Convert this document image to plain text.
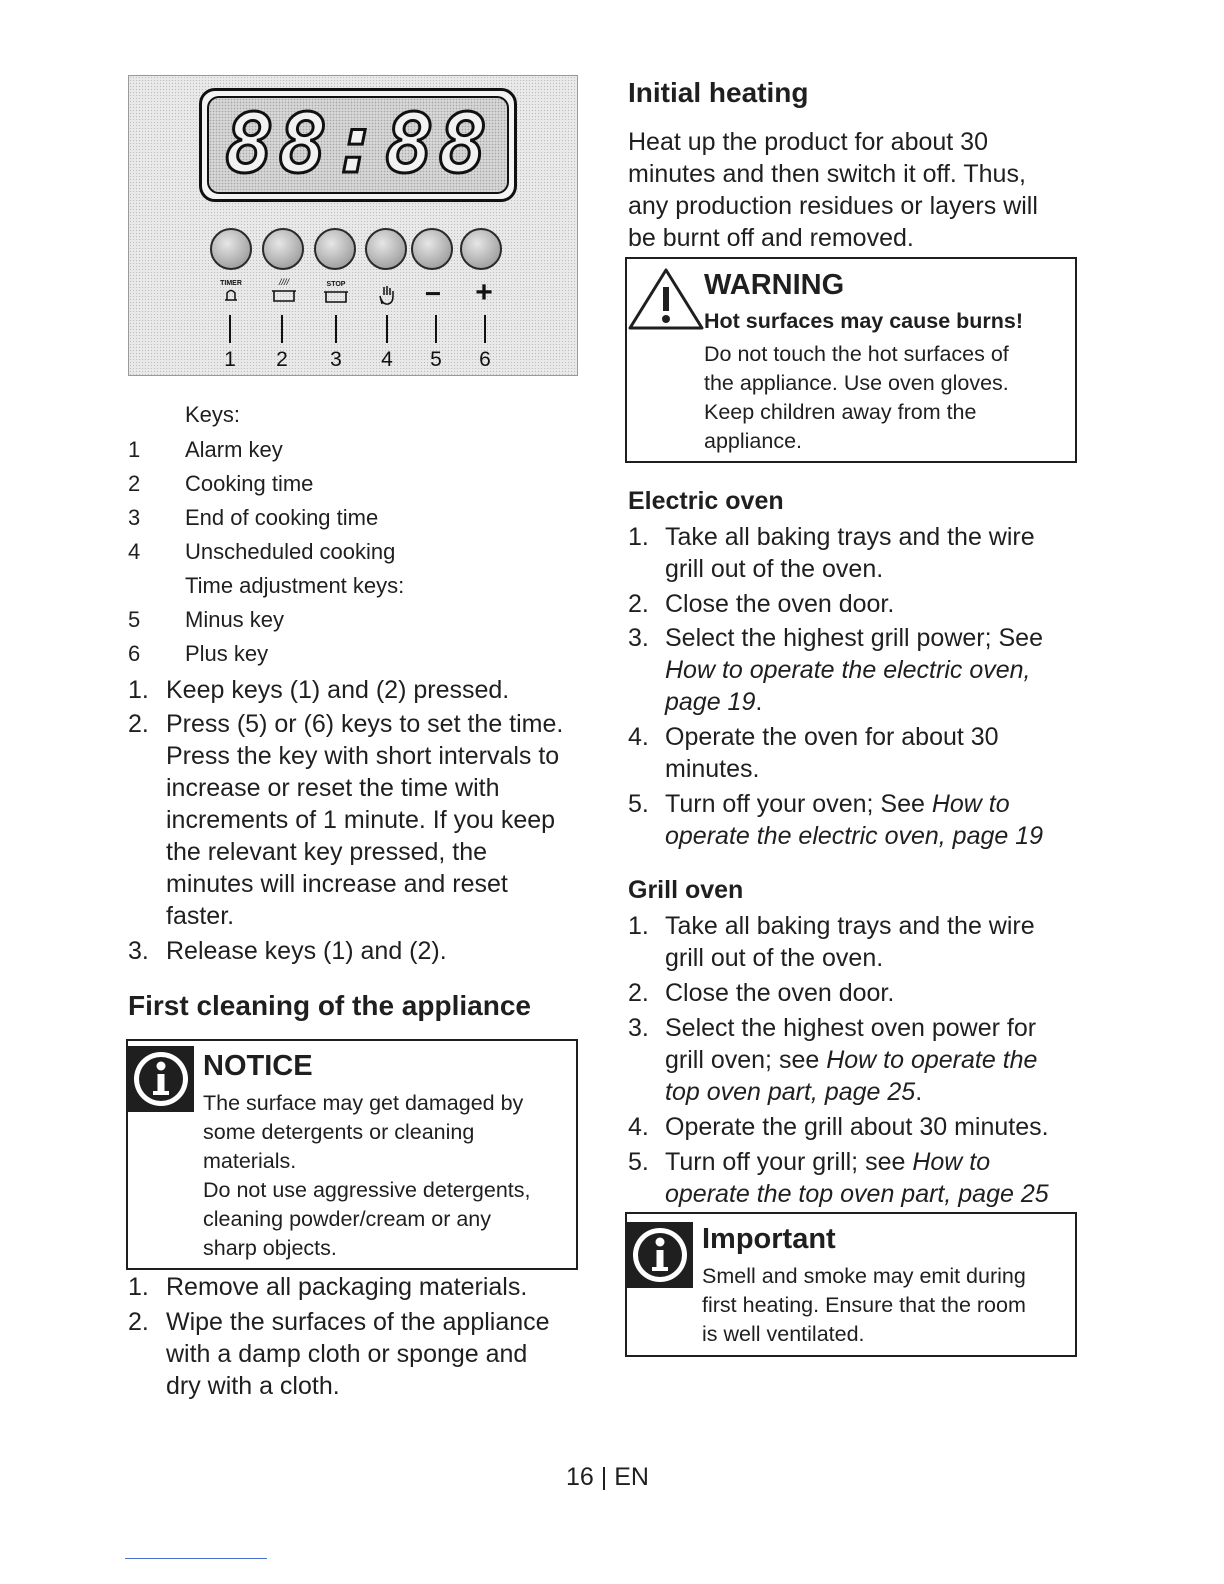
88:88
TIMER	////	STOP	−	+
1	2	3	4	5	6
Keys:
1 Alarm key
2 Cooking time
3 End of cooking time
4 Unscheduled cooking
Time adjustment keys:
5 Minus key
6 Plus key
1. Keep keys (1) and (2) pressed.
2. Press (5) or (6) keys to set the time.
Press the key with short intervals to
increase or reset the time with
increments of 1 minute. If you keep
the relevant key pressed, the
minutes will increase and reset
faster.
3. Release keys (1) and (2).
First cleaning of the appliance
NOTICE
The surface may get damaged by
some detergents or cleaning
materials.
Do not use aggressive detergents,
cleaning powder/cream or any
sharp objects.
1. Remove all packaging materials.
2. Wipe the surfaces of the appliance
with a damp cloth or sponge and
dry with a cloth.
Initial heating
Heat up the product for about 30
minutes and then switch it off. Thus,
any production residues or layers will
be burnt off and removed.
WARNING
Hot surfaces may cause burns!
Do not touch the hot surfaces of
the appliance. Use oven gloves.
Keep children away from the
appliance.
Electric oven
1. Take all baking trays and the wire
grill out of the oven.
2. Close the oven door.
3. Select the highest grill power; See
How to operate the electric oven,
page 19.
4. Operate the oven for about 30
minutes.
5. Turn off your oven; See How to
operate the electric oven, page 19
Grill oven
1. Take all baking trays and the wire
grill out of the oven.
2. Close the oven door.
3. Select the highest oven power for
grill oven; see How to operate the
top oven part, page 25.
4. Operate the grill about 30 minutes.
5. Turn off your grill; see How to
operate the top oven part, page 25
Important
Smell and smoke may emit during
first heating. Ensure that the room
is well ventilated.
16 | EN
